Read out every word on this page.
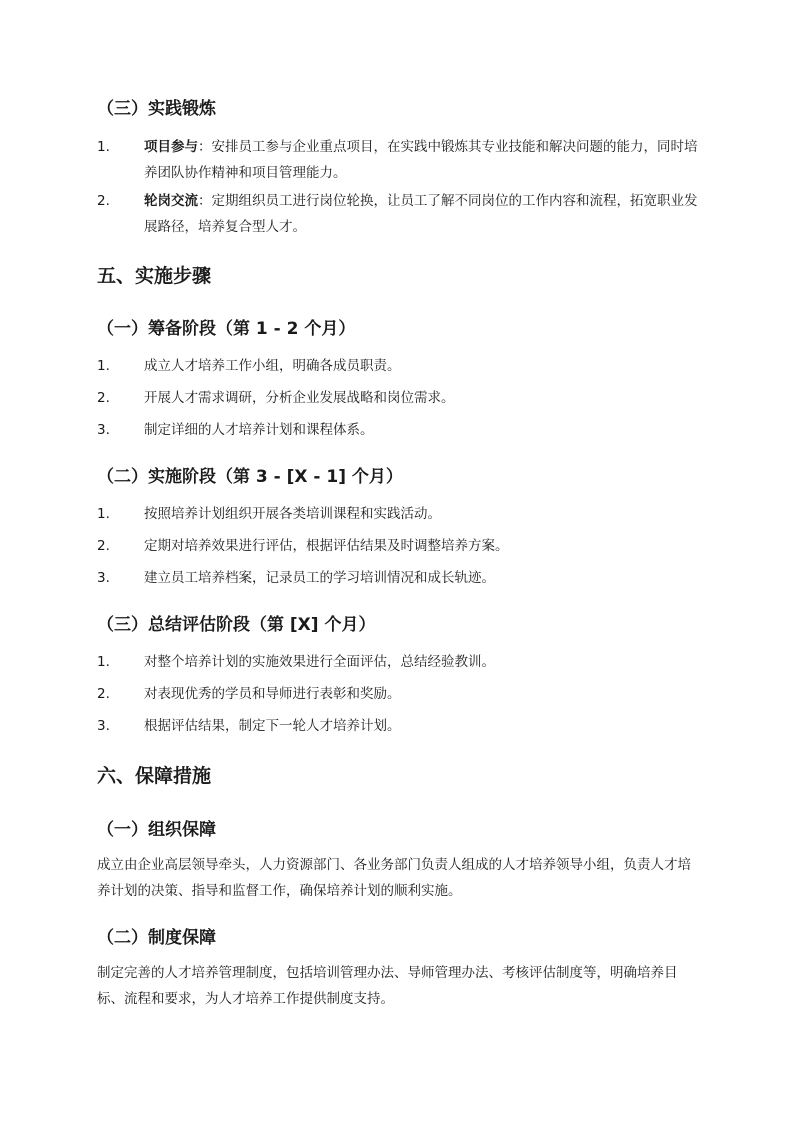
（三）实践锻炼
1.	项目参与：安排员工参与企业重点项目，在实践中锻炼其专业技能和解决问题的能力，同时培养团队协作精神和项目管理能力。
2.	轮岗交流：定期组织员工进行岗位轮换，让员工了解不同岗位的工作内容和流程，拓宽职业发展路径，培养复合型人才。
五、实施步骤
（一）筹备阶段（第 1 - 2 个月）
1.	成立人才培养工作小组，明确各成员职责。
2.	开展人才需求调研，分析企业发展战略和岗位需求。
3.	制定详细的人才培养计划和课程体系。
（二）实施阶段（第 3 - [X - 1] 个月）
1.	按照培养计划组织开展各类培训课程和实践活动。
2.	定期对培养效果进行评估，根据评估结果及时调整培养方案。
3.	建立员工培养档案，记录员工的学习培训情况和成长轨迹。
（三）总结评估阶段（第 [X] 个月）
1.	对整个培养计划的实施效果进行全面评估，总结经验教训。
2.	对表现优秀的学员和导师进行表彰和奖励。
3.	根据评估结果，制定下一轮人才培养计划。
六、保障措施
（一）组织保障
成立由企业高层领导牵头，人力资源部门、各业务部门负责人组成的人才培养领导小组，负责人才培养计划的决策、指导和监督工作，确保培养计划的顺利实施。
（二）制度保障
制定完善的人才培养管理制度，包括培训管理办法、导师管理办法、考核评估制度等，明确培养目标、流程和要求，为人才培养工作提供制度支持。
